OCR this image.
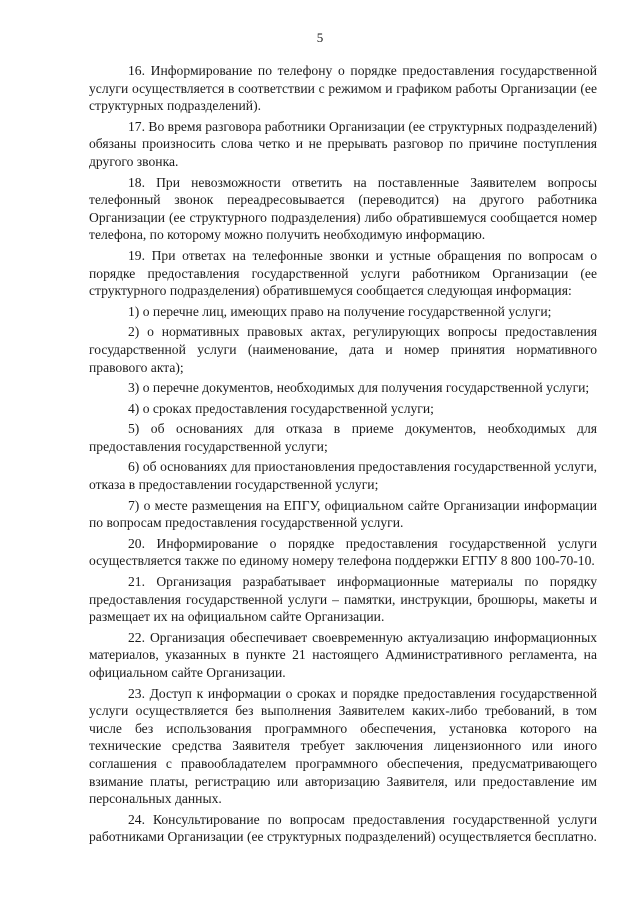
5

16. Информирование по телефону о порядке предоставления государственной услуги осуществляется в соответствии с режимом и графиком работы Организации (ее структурных подразделений).

17. Во время разговора работники Организации (ее структурных подразделений) обязаны произносить слова четко и не прерывать разговор по причине поступления другого звонка.

18. При невозможности ответить на поставленные Заявителем вопросы телефонный звонок переадресовывается (переводится) на другого работника Организации (ее структурного подразделения) либо обратившемуся сообщается номер телефона, по которому можно получить необходимую информацию.

19. При ответах на телефонные звонки и устные обращения по вопросам о порядке предоставления государственной услуги работником Организации (ее структурного подразделения) обратившемуся сообщается следующая информация:

1) о перечне лиц, имеющих право на получение государственной услуги;

2) о нормативных правовых актах, регулирующих вопросы предоставления государственной услуги (наименование, дата и номер принятия нормативного правового акта);

3) о перечне документов, необходимых для получения государственной услуги;

4) о сроках предоставления государственной услуги;

5) об основаниях для отказа в приеме документов, необходимых для предоставления государственной услуги;

6) об основаниях для приостановления предоставления государственной услуги, отказа в предоставлении государственной услуги;

7) о месте размещения на ЕПГУ, официальном сайте Организации информации по вопросам предоставления государственной услуги.

20. Информирование о порядке предоставления государственной услуги осуществляется также по единому номеру телефона поддержки ЕГПУ 8 800 100-70-10.

21. Организация разрабатывает информационные материалы по порядку предоставления государственной услуги – памятки, инструкции, брошюры, макеты и размещает их на официальном сайте Организации.

22. Организация обеспечивает своевременную актуализацию информационных материалов, указанных в пункте 21 настоящего Административного регламента, на официальном сайте Организации.

23. Доступ к информации о сроках и порядке предоставления государственной услуги осуществляется без выполнения Заявителем каких-либо требований, в том числе без использования программного обеспечения, установка которого на технические средства Заявителя требует заключения лицензионного или иного соглашения с правообладателем программного обеспечения, предусматривающего взимание платы, регистрацию или авторизацию Заявителя, или предоставление им персональных данных.

24. Консультирование по вопросам предоставления государственной услуги работниками Организации (ее структурных подразделений) осуществляется бесплатно.
